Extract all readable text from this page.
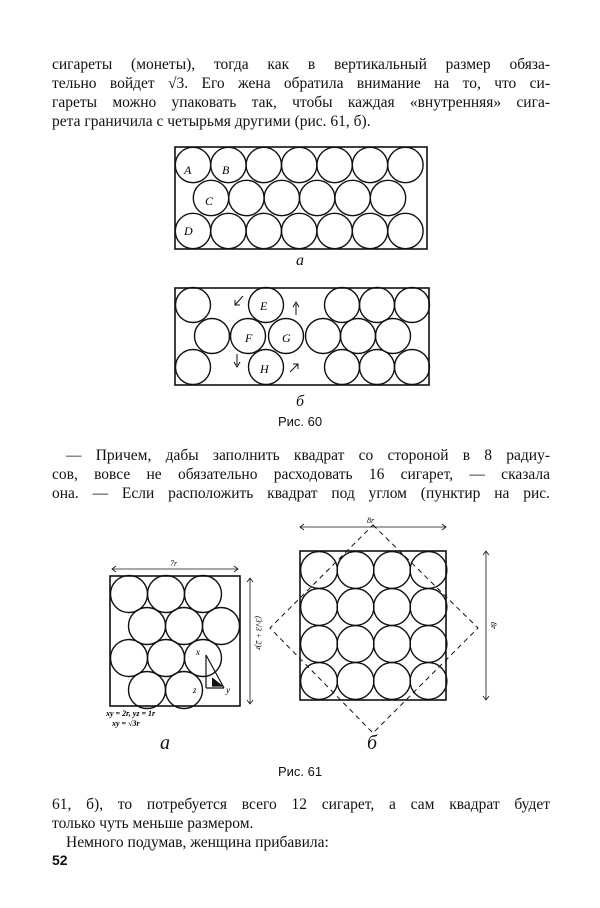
сигареты (монеты), тогда как в вертикальный размер обяза-
тельно войдет √3. Его жена обратила внимание на то, что си-
гареты можно упаковать так, чтобы каждая «внутренняя» сига-
рета граничила с четырьмя другими (рис. 61, б).
A	B
C
D
а
E
F G
H
б
Рис. 60
— Причем, дабы заполнить квадрат со стороной в 8 радиу-
сов, вовсе не обязательно расходовать 16 сигарет, — сказала
она. — Если расположить квадрат под углом (пунктир на рис.
7r
(3√3 + 2)r
x
y
z
xy = 2r, yz = 1r
xy = √3r
а
8r
8r
б
Рис. 61
61, б), то потребуется всего 12 сигарет, а сам квадрат будет
только чуть меньше размером.
Немного подумав, женщина прибавила:
52
